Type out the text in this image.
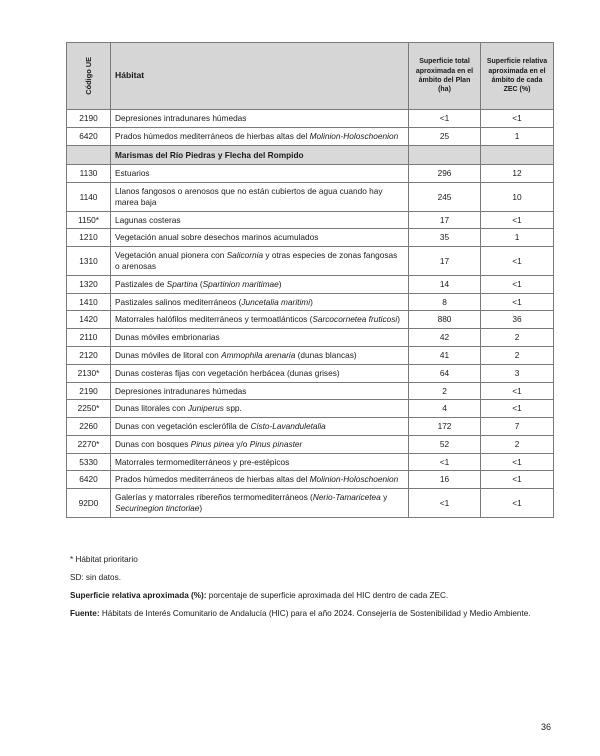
Código UE	Hábitat	Superficie total aproximada en el ámbito del Plan (ha)	Superficie relativa aproximada en el ámbito de cada ZEC (%)
2190	Depresiones intradunares húmedas	<1	<1
6420	Prados húmedos mediterráneos de hierbas altas del Molinion-Holoschoenion	25	1
	Marismas del Río Piedras y Flecha del Rompido		
1130	Estuarios	296	12
1140	Llanos fangosos o arenosos que no están cubiertos de agua cuando hay marea baja	245	10
1150*	Lagunas costeras	17	<1
1210	Vegetación anual sobre desechos marinos acumulados	35	1
1310	Vegetación anual pionera con Salicornia y otras especies de zonas fangosas o arenosas	17	<1
1320	Pastizales de Spartina (Spartinion maritimae)	14	<1
1410	Pastizales salinos mediterráneos (Juncetalia maritimi)	8	<1
1420	Matorrales halófilos mediterráneos y termoatlánticos (Sarcocornetea fruticosi)	880	36
2110	Dunas móviles embrionarias	42	2
2120	Dunas móviles de litoral con Ammophila arenaria (dunas blancas)	41	2
2130*	Dunas costeras fijas con vegetación herbácea (dunas grises)	64	3
2190	Depresiones intradunares húmedas	2	<1
2250*	Dunas litorales con Juniperus spp.	4	<1
2260	Dunas con vegetación esclerófila de Cisto-Lavanduletalia	172	7
2270*	Dunas con bosques Pinus pinea y/o Pinus pinaster	52	2
5330	Matorrales termomediterráneos y pre-estépicos	<1	<1
6420	Prados húmedos mediterráneos de hierbas altas del Molinion-Holoschoenion	16	<1
92D0	Galerías y matorrales ribereños termomediterráneos (Nerio-Tamaricetea y Securinegion tinctoriae)	<1	<1
* Hábitat prioritario
SD: sin datos.
Superficie relativa aproximada (%): porcentaje de superficie aproximada del HIC dentro de cada ZEC.
Fuente: Hábitats de Interés Comunitario de Andalucía (HIC) para el año 2024. Consejería de Sostenibilidad y Medio Ambiente.
36
